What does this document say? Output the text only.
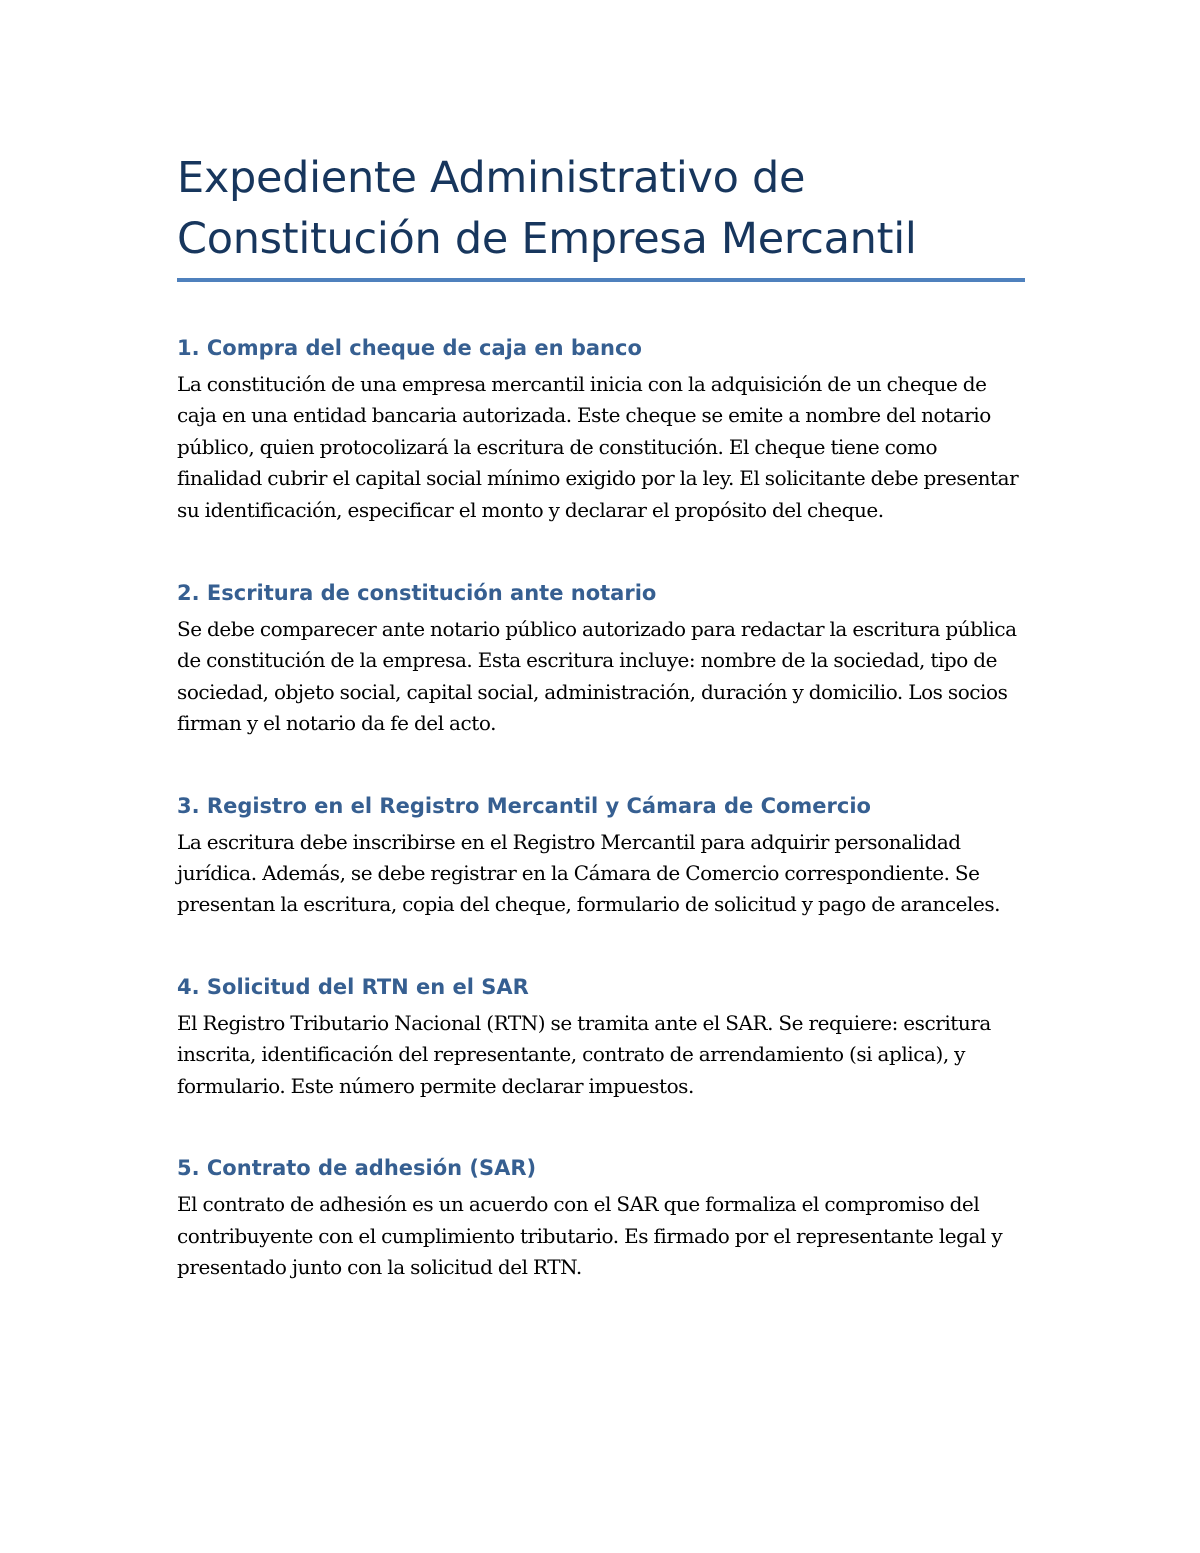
Expediente Administrativo de
Constitución de Empresa Mercantil
1. Compra del cheque de caja en banco

La constitución de una empresa mercantil inicia con la adquisición de un cheque de caja en una entidad bancaria autorizada. Este cheque se emite a nombre del notario público, quien protocolizará la escritura de constitución. El cheque tiene como finalidad cubrir el capital social mínimo exigido por la ley. El solicitante debe presentar su identificación, especificar el monto y declarar el propósito del cheque.

2. Escritura de constitución ante notario

Se debe comparecer ante notario público autorizado para redactar la escritura pública de constitución de la empresa. Esta escritura incluye: nombre de la sociedad, tipo de sociedad, objeto social, capital social, administración, duración y domicilio. Los socios firman y el notario da fe del acto.

3. Registro en el Registro Mercantil y Cámara de Comercio

La escritura debe inscribirse en el Registro Mercantil para adquirir personalidad jurídica. Además, se debe registrar en la Cámara de Comercio correspondiente. Se presentan la escritura, copia del cheque, formulario de solicitud y pago de aranceles.

4. Solicitud del RTN en el SAR

El Registro Tributario Nacional (RTN) se tramita ante el SAR. Se requiere: escritura inscrita, identificación del representante, contrato de arrendamiento (si aplica), y formulario. Este número permite declarar impuestos.

5. Contrato de adhesión (SAR)

El contrato de adhesión es un acuerdo con el SAR que formaliza el compromiso del contribuyente con el cumplimiento tributario. Es firmado por el representante legal y presentado junto con la solicitud del RTN.
